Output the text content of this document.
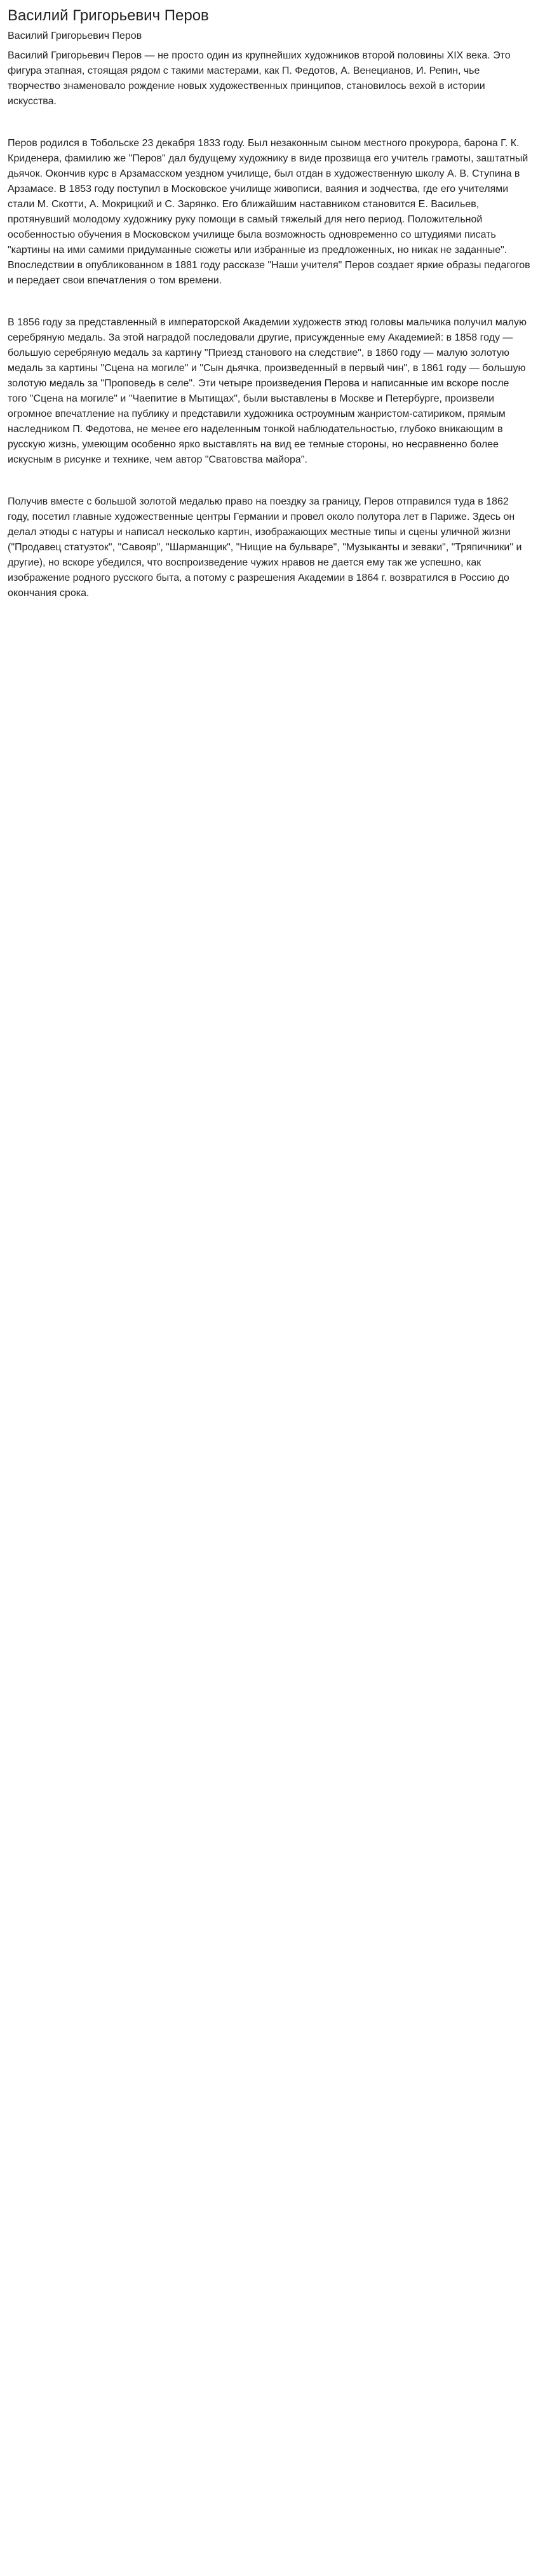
Василий Григорьевич Перов
Василий Григорьевич Перов

Василий Григорьевич Перов — не просто один из крупнейших художников второй половины XIX века. Это фигура этапная, стоящая рядом с такими мастерами, как П. Федотов, А. Венецианов, И. Репин, чье творчество знаменовало рождение новых художественных принципов, становилось вехой в истории искусства.

Перов родился в Тобольске 23 декабря 1833 году. Был незаконным сыном местного прокурора, барона Г. К. Криденера, фамилию же "Перов" дал будущему художнику в виде прозвища его учитель грамоты, заштатный дьячок. Окончив курс в Арзамасском уездном училище, был отдан в художественную школу А. В. Ступина в Арзамасе. В 1853 году поступил в Московское училище живописи, ваяния и зодчества, где его учителями стали М. Скотти, А. Мокрицкий и С. Зарянко. Его ближайшим наставником становится Е. Васильев, протянувший молодому художнику руку помощи в самый тяжелый для него период. Положительной особенностью обучения в Московском училище была возможность одновременно со штудиями писать "картины на ими самими придуманные сюжеты или избранные из предложенных, но никак не заданные". Впоследствии в опубликованном в 1881 году рассказе "Наши учителя" Перов создает яркие образы педагогов и передает свои впечатления о том времени.

В 1856 году за представленный в императорской Академии художеств этюд головы мальчика получил малую серебряную медаль. За этой наградой последовали другие, присужденные ему Академией: в 1858 году — большую серебряную медаль за картину "Приезд станового на следствие", в 1860 году — малую золотую медаль за картины "Сцена на могиле" и "Сын дьячка, произведенный в первый чин", в 1861 году — большую золотую медаль за "Проповедь в селе". Эти четыре произведения Перова и написанные им вскоре после того "Сцена на могиле" и "Чаепитие в Мытищах", были выставлены в Москве и Петербурге, произвели огромное впечатление на публику и представили художника остроумным жанристом-сатириком, прямым наследником П. Федотова, не менее его наделенным тонкой наблюдательностью, глубоко вникающим в русскую жизнь, умеющим особенно ярко выставлять на вид ее темные стороны, но несравненно более искусным в рисунке и технике, чем автор "Сватовства майора".

Получив вместе с большой золотой медалью право на поездку за границу, Перов отправился туда в 1862 году, посетил главные художественные центры Германии и провел около полутора лет в Париже. Здесь он делал этюды с натуры и написал несколько картин, изображающих местные типы и сцены уличной жизни ("Продавец статуэток", "Савояр", "Шарманщик", "Нищие на бульваре", "Музыканты и зеваки", "Тряпичники" и другие), но вскоре убедился, что воспроизведение чужих нравов не дается ему так же успешно, как изображение родного русского быта, а потому с разрешения Академии в 1864 г. возвратился в Россию до окончания срока.
